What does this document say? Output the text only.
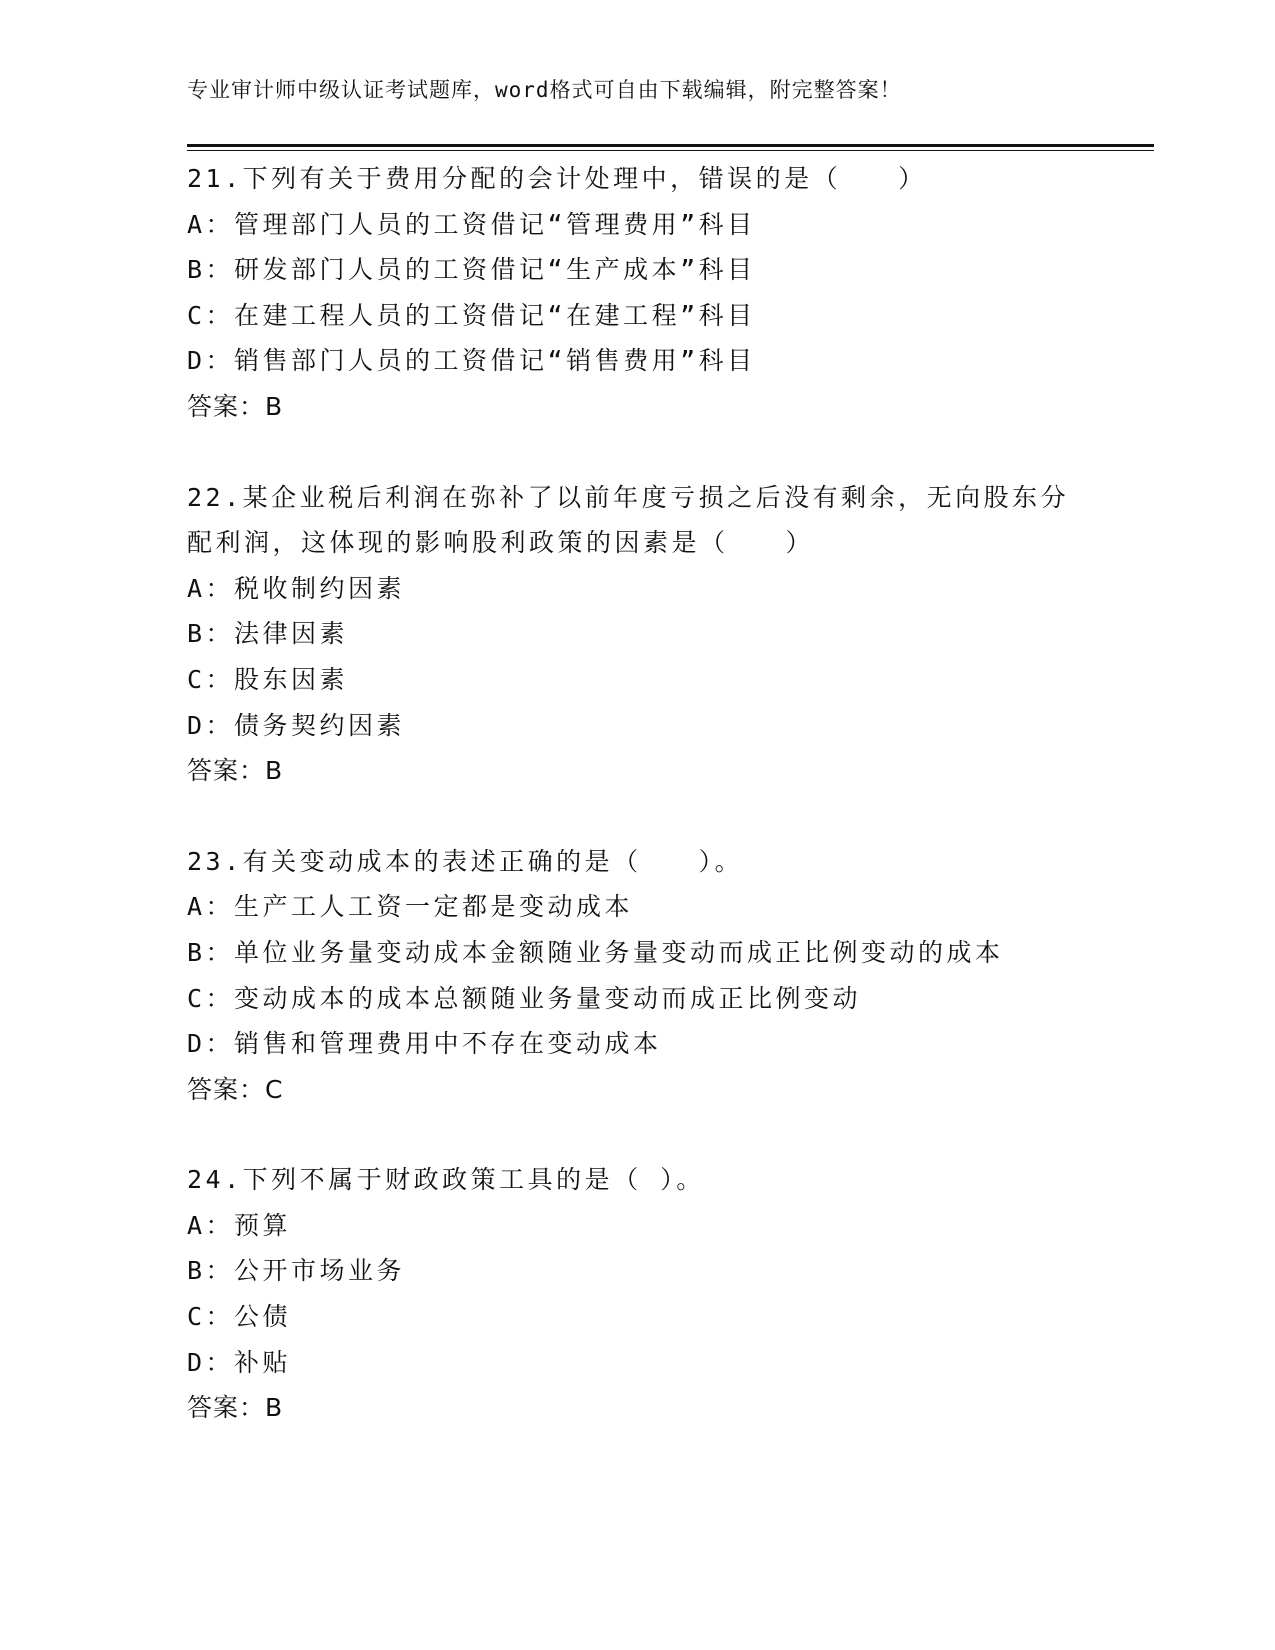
专业审计师中级认证考试题库，word格式可自由下载编辑，附完整答案！
21.下列有关于费用分配的会计处理中，错误的是（　　）
A：管理部门人员的工资借记“管理费用”科目
B：研发部门人员的工资借记“生产成本”科目
C：在建工程人员的工资借记“在建工程”科目
D：销售部门人员的工资借记“销售费用”科目
答案：B
22.某企业税后利润在弥补了以前年度亏损之后没有剩余，无向股东分
配利润，这体现的影响股利政策的因素是（　　）
A：税收制约因素
B：法律因素
C：股东因素
D：债务契约因素
答案：B
23.有关变动成本的表述正确的是（　　）。
A：生产工人工资一定都是变动成本
B：单位业务量变动成本金额随业务量变动而成正比例变动的成本
C：变动成本的成本总额随业务量变动而成正比例变动
D：销售和管理费用中不存在变动成本
答案：C
24.下列不属于财政政策工具的是（ ）。
A：预算
B：公开市场业务
C：公债
D：补贴
答案：B
